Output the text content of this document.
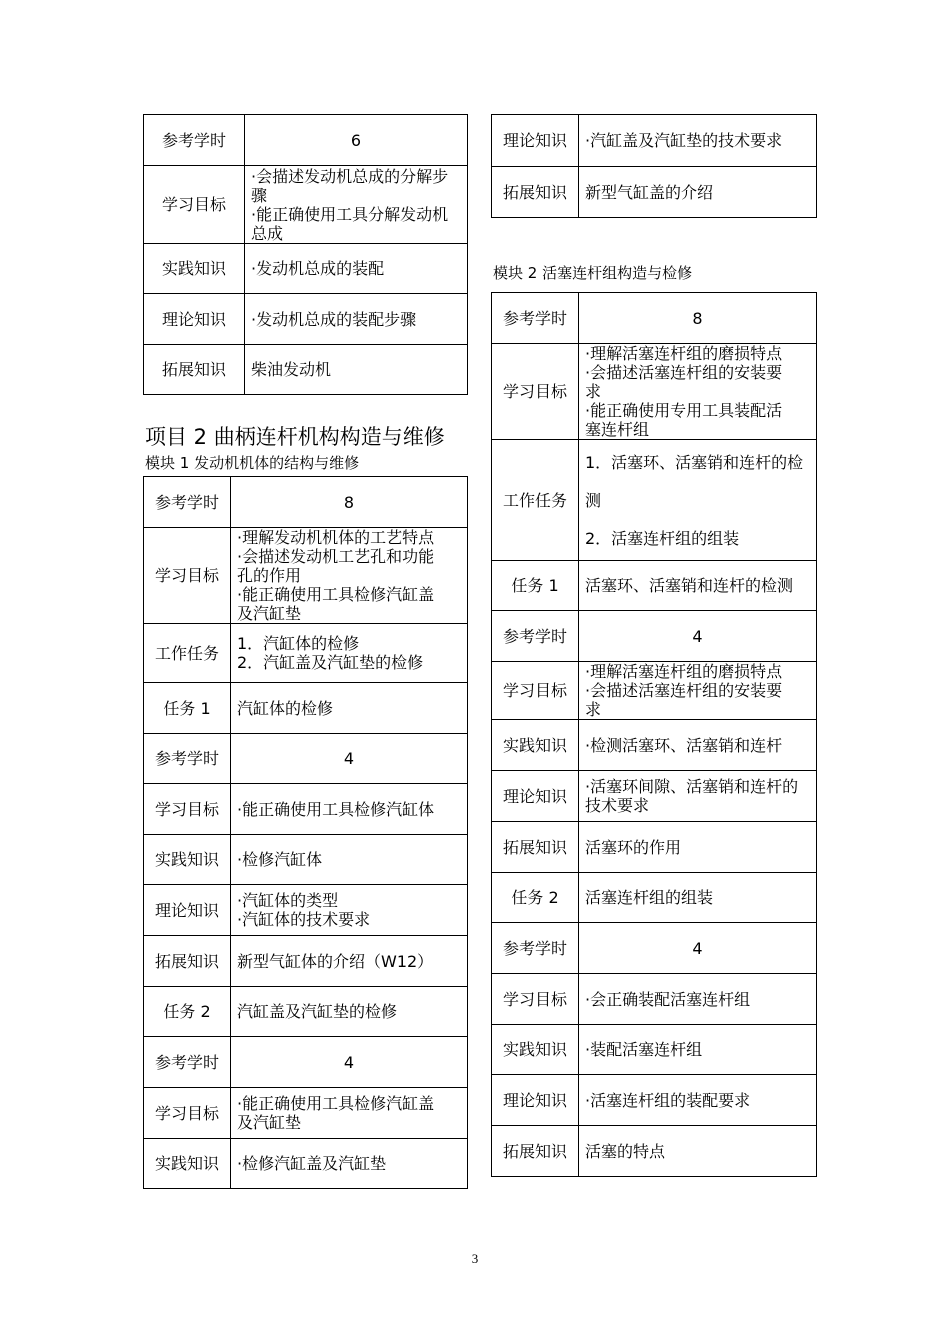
参考学时	6

学习目标	·会描述发动机总成的分解步
骤
·能正确使用工具分解发动机
总成

实践知识	·发动机总成的装配

理论知识	·发动机总成的装配步骤

拓展知识	柴油发动机
项目 2 曲柄连杆机构构造与维修
模块 1 发动机机体的结构与维修
参考学时	8

学习目标	·理解发动机机体的工艺特点
·会描述发动机工艺孔和功能
孔的作用
·能正确使用工具检修汽缸盖
及汽缸垫

工作任务	1．汽缸体的检修
2．汽缸盖及汽缸垫的检修

任务 1	汽缸体的检修

参考学时	4

学习目标	·能正确使用工具检修汽缸体

实践知识	·检修汽缸体

理论知识	·汽缸体的类型
·汽缸体的技术要求

拓展知识	新型气缸体的介绍（W12）

任务 2	汽缸盖及汽缸垫的检修

参考学时	4

学习目标	·能正确使用工具检修汽缸盖
及汽缸垫

实践知识	·检修汽缸盖及汽缸垫
理论知识	·汽缸盖及汽缸垫的技术要求

拓展知识	新型气缸盖的介绍
模块 2 活塞连杆组构造与检修
参考学时	8

学习目标	·理解活塞连杆组的磨损特点
·会描述活塞连杆组的安装要
求
·能正确使用专用工具装配活
塞连杆组

工作任务	1．活塞环、活塞销和连杆的检

测

2．活塞连杆组的组装

任务 1	活塞环、活塞销和连杆的检测

参考学时	4

学习目标	·理解活塞连杆组的磨损特点
·会描述活塞连杆组的安装要
求

实践知识	·检测活塞环、活塞销和连杆

理论知识	·活塞环间隙、活塞销和连杆的
技术要求

拓展知识	活塞环的作用

任务 2	活塞连杆组的组装

参考学时	4

学习目标	·会正确装配活塞连杆组

实践知识	·装配活塞连杆组

理论知识	·活塞连杆组的装配要求

拓展知识	活塞的特点
3
